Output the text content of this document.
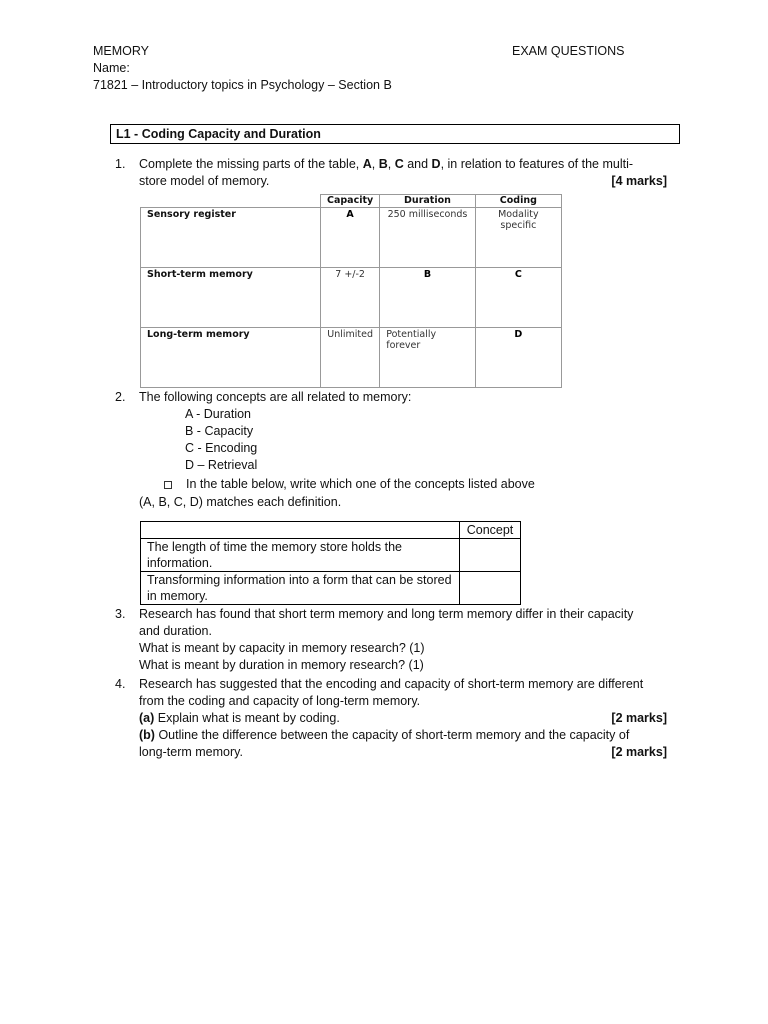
MEMORY
Name:
71821 – Introductory topics in Psychology – Section B
EXAM QUESTIONS
L1 - Coding Capacity and Duration
1. Complete the missing parts of the table, A, B, C and D, in relation to features of the multi-
store model of memory.	[4 marks]
	Capacity	Duration	Coding
Sensory register	A	250 milliseconds	Modality specific
Short-term memory	7 +/-2	B	C
Long-term memory	Unlimited	Potentially forever	D
2. The following concepts are all related to memory:
A - Duration
B - Capacity
C - Encoding
D – Retrieval
In the table below, write which one of the concepts listed above
(A, B, C, D) matches each definition.
	Concept
The length of time the memory store holds the information.	
Transforming information into a form that can be stored in memory.	
3. Research has found that short term memory and long term memory differ in their capacity
and duration.
What is meant by capacity in memory research? (1)
What is meant by duration in memory research? (1)
4. Research has suggested that the encoding and capacity of short-term memory are different
from the coding and capacity of long-term memory.
(a) Explain what is meant by coding.	[2 marks]
(b) Outline the difference between the capacity of short-term memory and the capacity of
long-term memory.	[2 marks]
